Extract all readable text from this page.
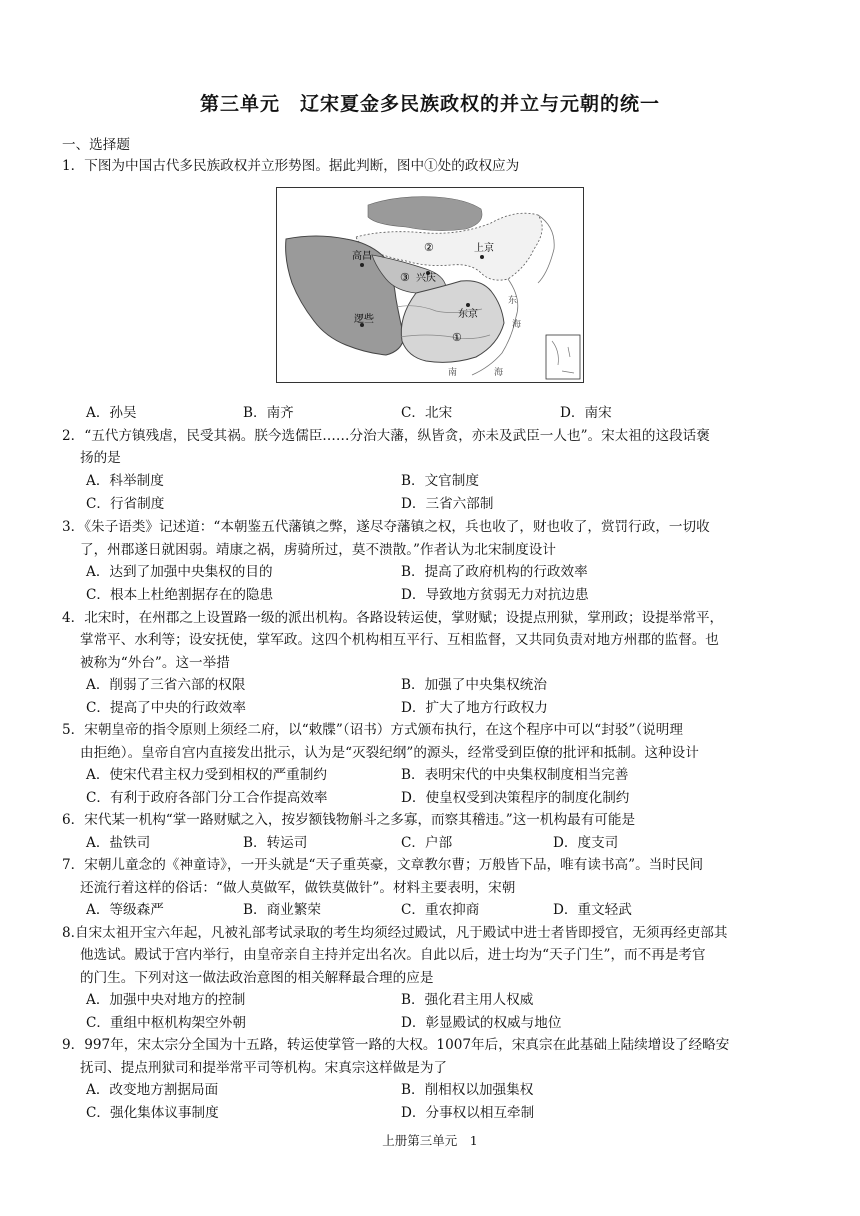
第三单元　辽宋夏金多民族政权的并立与元朝的统一
一、选择题
1．下图为中国古代多民族政权并立形势图。据此判断，图中①处的政权应为
上京
兴庆
高昌
东京
逻些
东
海
南	海
②
③
①
A．孙吴	B．南齐	C．北宋	D．南宋
2．“五代方镇残虐，民受其祸。朕今选儒臣……分治大藩，纵皆贪，亦未及武臣一人也”。宋太祖的这段话褒
扬的是
A．科举制度	B．文官制度
C．行省制度	D．三省六部制
3．《朱子语类》记述道：“本朝鉴五代藩镇之弊，遂尽夺藩镇之权，兵也收了，财也收了，赏罚行政，一切收
了，州郡遂日就困弱。靖康之祸，虏骑所过，莫不溃散。”作者认为北宋制度设计
A．达到了加强中央集权的目的	B．提高了政府机构的行政效率
C．根本上杜绝割据存在的隐患	D．导致地方贫弱无力对抗边患
4．北宋时，在州郡之上设置路一级的派出机构。各路设转运使，掌财赋；设提点刑狱，掌刑政；设提举常平，
掌常平、水利等；设安抚使，掌军政。这四个机构相互平行、互相监督，又共同负责对地方州郡的监督。也
被称为“外台”。这一举措
A．削弱了三省六部的权限	B．加强了中央集权统治
C．提高了中央的行政效率	D．扩大了地方行政权力
5．宋朝皇帝的指令原则上须经二府，以“敕牒”（诏书）方式颁布执行，在这个程序中可以“封驳”（说明理
由拒绝）。皇帝自宫内直接发出批示，认为是“灭裂纪纲”的源头，经常受到臣僚的批评和抵制。这种设计
A．使宋代君主权力受到相权的严重制约	B．表明宋代的中央集权制度相当完善
C．有利于政府各部门分工合作提高效率	D．使皇权受到决策程序的制度化制约
6．宋代某一机构“掌一路财赋之入，按岁额钱物斛斗之多寡，而察其稽违。”这一机构最有可能是
A．盐铁司	B．转运司	C．户部	D．度支司
7．宋朝儿童念的《神童诗》，一开头就是“天子重英豪，文章教尔曹；万般皆下品，唯有读书高”。当时民间
还流行着这样的俗话：“做人莫做军，做铁莫做针”。材料主要表明，宋朝
A．等级森严	B．商业繁荣	C．重农抑商	D．重文轻武
8.自宋太祖开宝六年起，凡被礼部考试录取的考生均须经过殿试，凡于殿试中进士者皆即授官，无须再经吏部其
他选试。殿试于宫内举行，由皇帝亲自主持并定出名次。自此以后，进士均为“天子门生”，而不再是考官
的门生。下列对这一做法政治意图的相关解释最合理的应是
A．加强中央对地方的控制	B．强化君主用人权威
C．重组中枢机构架空外朝	D．彰显殿试的权威与地位
9．997年，宋太宗分全国为十五路，转运使掌管一路的大权。1007年后，宋真宗在此基础上陆续增设了经略安
抚司、提点刑狱司和提举常平司等机构。宋真宗这样做是为了
A．改变地方割据局面	B．削相权以加强集权
C．强化集体议事制度	D．分事权以相互牵制
上册第三单元　1
